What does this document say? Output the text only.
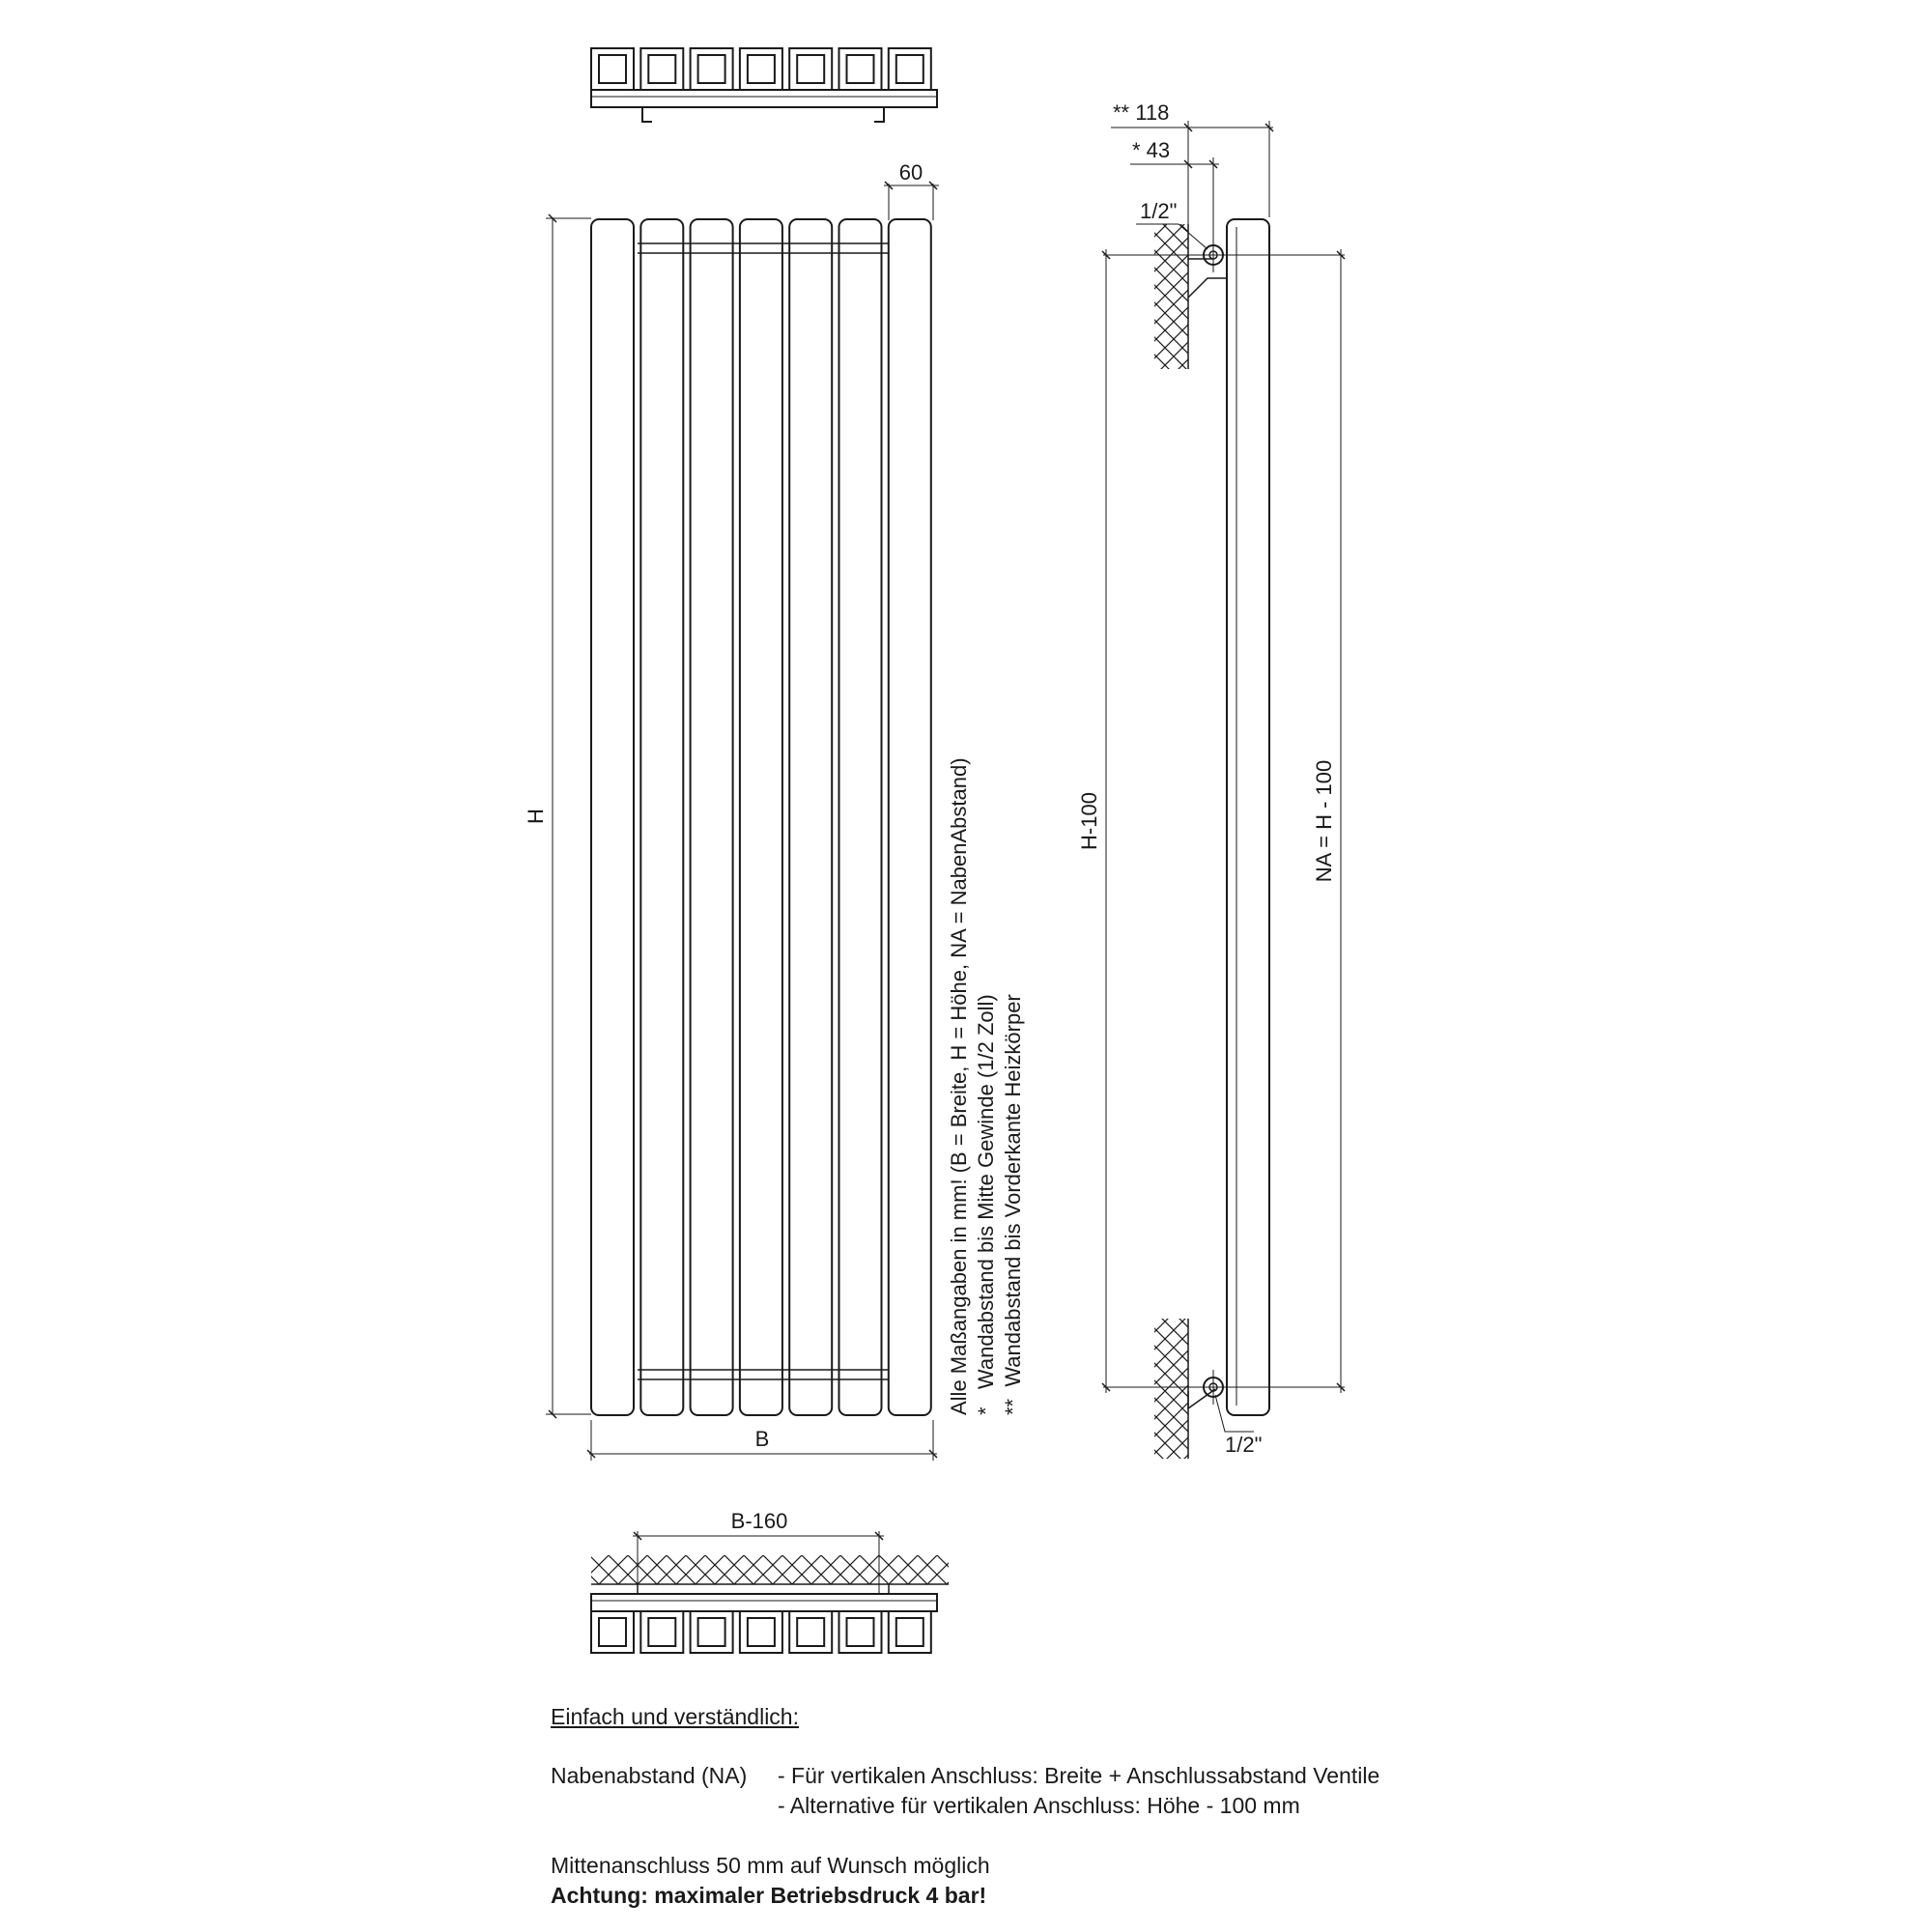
60
H
B
Alle Maßangaben in mm! (B = Breite, H = Höhe, NA = NabenAbstand) *   Wandabstand bis Mitte Gewinde (1/2 Zoll) **  Wandabstand bis Vorderkante Heizkörper
B-160
1/2"
1/2"
** 118
* 43
H-100	NA = H - 100
Einfach und verständlich:
Nabenabstand (NA)	- Für vertikalen Anschluss: Breite + Anschlussabstand Ventile
- Alternative für vertikalen Anschluss: Höhe - 100 mm
Mittenanschluss 50 mm auf Wunsch möglich
Achtung: maximaler Betriebsdruck 4 bar!
